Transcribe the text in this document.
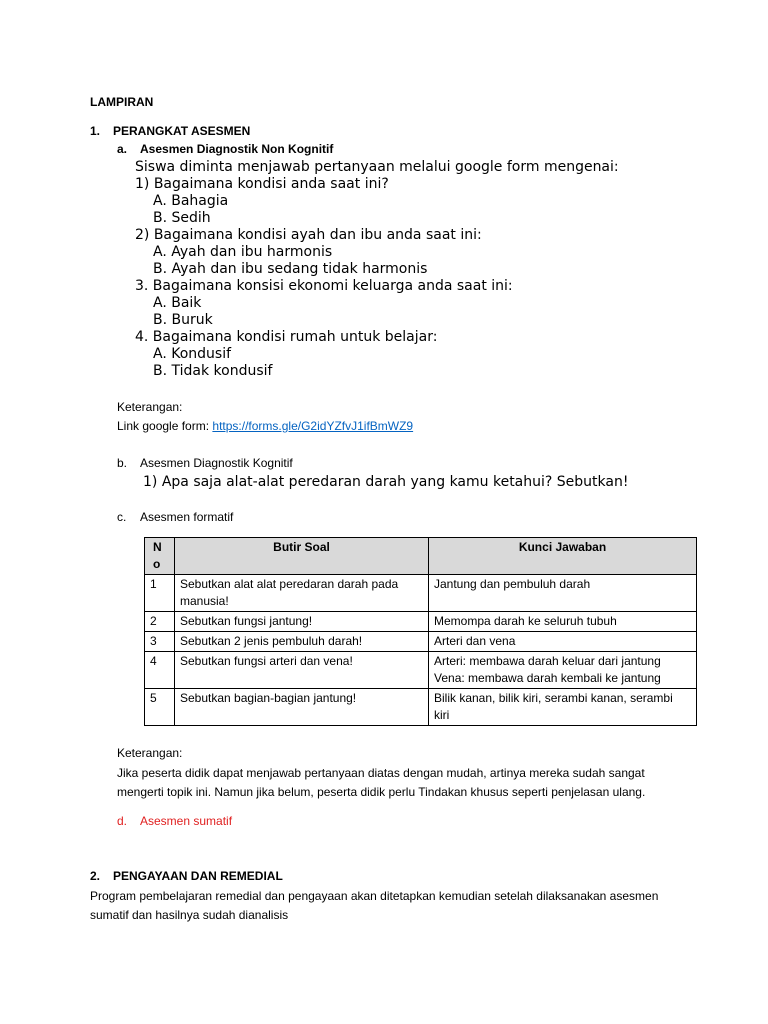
LAMPIRAN
1. PERANGKAT ASESMEN
a. Asesmen Diagnostik Non Kognitif
Siswa diminta menjawab pertanyaan melalui google form mengenai:
1) Bagaimana kondisi anda saat ini?
A. Bahagia
B. Sedih
2) Bagaimana kondisi ayah dan ibu anda saat ini:
A. Ayah dan ibu harmonis
B. Ayah dan ibu sedang tidak harmonis
3. Bagaimana konsisi ekonomi keluarga anda saat ini:
A. Baik
B. Buruk
4. Bagaimana kondisi rumah untuk belajar:
A. Kondusif
B. Tidak kondusif
Keterangan:
Link google form: https://forms.gle/G2idYZfvJ1ifBmWZ9
b. Asesmen Diagnostik Kognitif
1) Apa saja alat-alat peredaran darah yang kamu ketahui? Sebutkan!
c. Asesmen formatif
N o	Butir Soal	Kunci Jawaban
1	Sebutkan alat alat peredaran darah pada manusia!	Jantung dan pembuluh darah
2	Sebutkan fungsi jantung!	Memompa darah ke seluruh tubuh
3	Sebutkan 2 jenis pembuluh darah!	Arteri dan vena
4	Sebutkan fungsi arteri dan vena!	Arteri: membawa darah keluar dari jantung Vena: membawa darah kembali ke jantung
5	Sebutkan bagian-bagian jantung!	Bilik kanan, bilik kiri, serambi kanan, serambi kiri
Keterangan:
Jika peserta didik dapat menjawab pertanyaan diatas dengan mudah, artinya mereka sudah sangat mengerti topik ini. Namun jika belum, peserta didik perlu Tindakan khusus seperti penjelasan ulang.
d. Asesmen sumatif
2. PENGAYAAN DAN REMEDIAL
Program pembelajaran remedial dan pengayaan akan ditetapkan kemudian setelah dilaksanakan asesmen sumatif dan hasilnya sudah dianalisis
